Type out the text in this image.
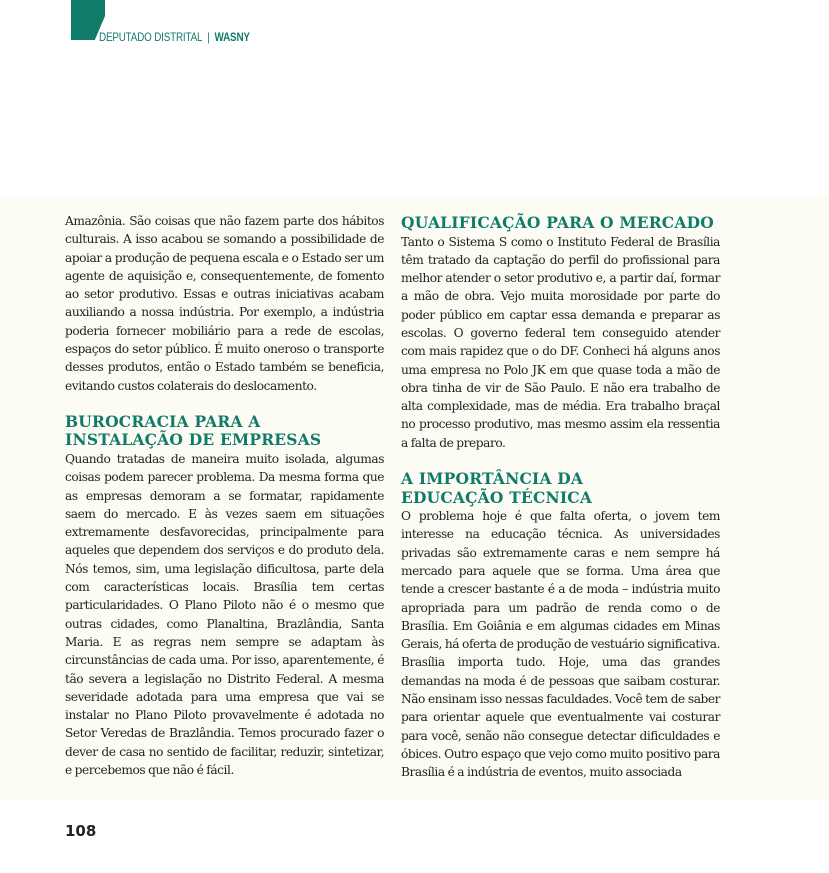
DEPUTADO DISTRITAL | WASNY

Amazônia. São coisas que não fazem parte dos hábitos culturais. A isso acabou se somando a possibilidade de apoiar a produção de pequena escala e o Estado ser um agente de aquisição e, consequentemente, de fomento ao setor produtivo. Essas e outras iniciativas acabam auxiliando a nossa indústria. Por exemplo, a indústria poderia fornecer mobiliário para a rede de escolas, espaços do setor público. É muito oneroso o transporte desses produtos, então o Estado também se beneficia, evitando custos colaterais do deslocamento.

BUROCRACIA PARA A
INSTALAÇÃO DE EMPRESAS

Quando tratadas de maneira muito isolada, algumas coisas podem parecer problema. Da mesma forma que as empresas demoram a se formatar, rapidamente saem do mercado. E às vezes saem em situações extremamente desfavorecidas, principalmente para aqueles que dependem dos serviços e do produto dela. Nós temos, sim, uma legislação dificultosa, parte dela com características locais. Brasília tem certas particularidades. O Plano Piloto não é o mesmo que outras cidades, como Planaltina, Brazlândia, Santa Maria. E as regras nem sempre se adaptam às circunstâncias de cada uma. Por isso, aparentemente, é tão severa a legislação no Distrito Federal. A mesma severidade adotada para uma empresa que vai se instalar no Plano Piloto provavelmente é adotada no Setor Veredas de Brazlândia. Temos procurado fazer o dever de casa no sentido de facilitar, reduzir, sintetizar, e percebemos que não é fácil.

QUALIFICAÇÃO PARA O MERCADO

Tanto o Sistema S como o Instituto Federal de Brasília têm tratado da captação do perfil do profissional para melhor atender o setor produtivo e, a partir daí, formar a mão de obra. Vejo muita morosidade por parte do poder público em captar essa demanda e preparar as escolas. O governo federal tem conseguido atender com mais rapidez que o do DF. Conheci há alguns anos uma empresa no Polo JK em que quase toda a mão de obra tinha de vir de São Paulo. E não era trabalho de alta complexidade, mas de média. Era trabalho braçal no processo produtivo, mas mesmo assim ela ressentia a falta de preparo.

A IMPORTÂNCIA DA
EDUCAÇÃO TÉCNICA

O problema hoje é que falta oferta, o jovem tem interesse na educação técnica. As universidades privadas são extremamente caras e nem sempre há mercado para aquele que se forma. Uma área que tende a crescer bastante é a de moda – indústria muito apropriada para um padrão de renda como o de Brasília. Em Goiânia e em algumas cidades em Minas Gerais, há oferta de produção de vestuário significativa. Brasília importa tudo. Hoje, uma das grandes demandas na moda é de pessoas que saibam costurar. Não ensinam isso nessas faculdades. Você tem de saber para orientar aquele que eventualmente vai costurar para você, senão não consegue detectar dificuldades e óbices. Outro espaço que vejo como muito positivo para Brasília é a indústria de eventos, muito associada

108
